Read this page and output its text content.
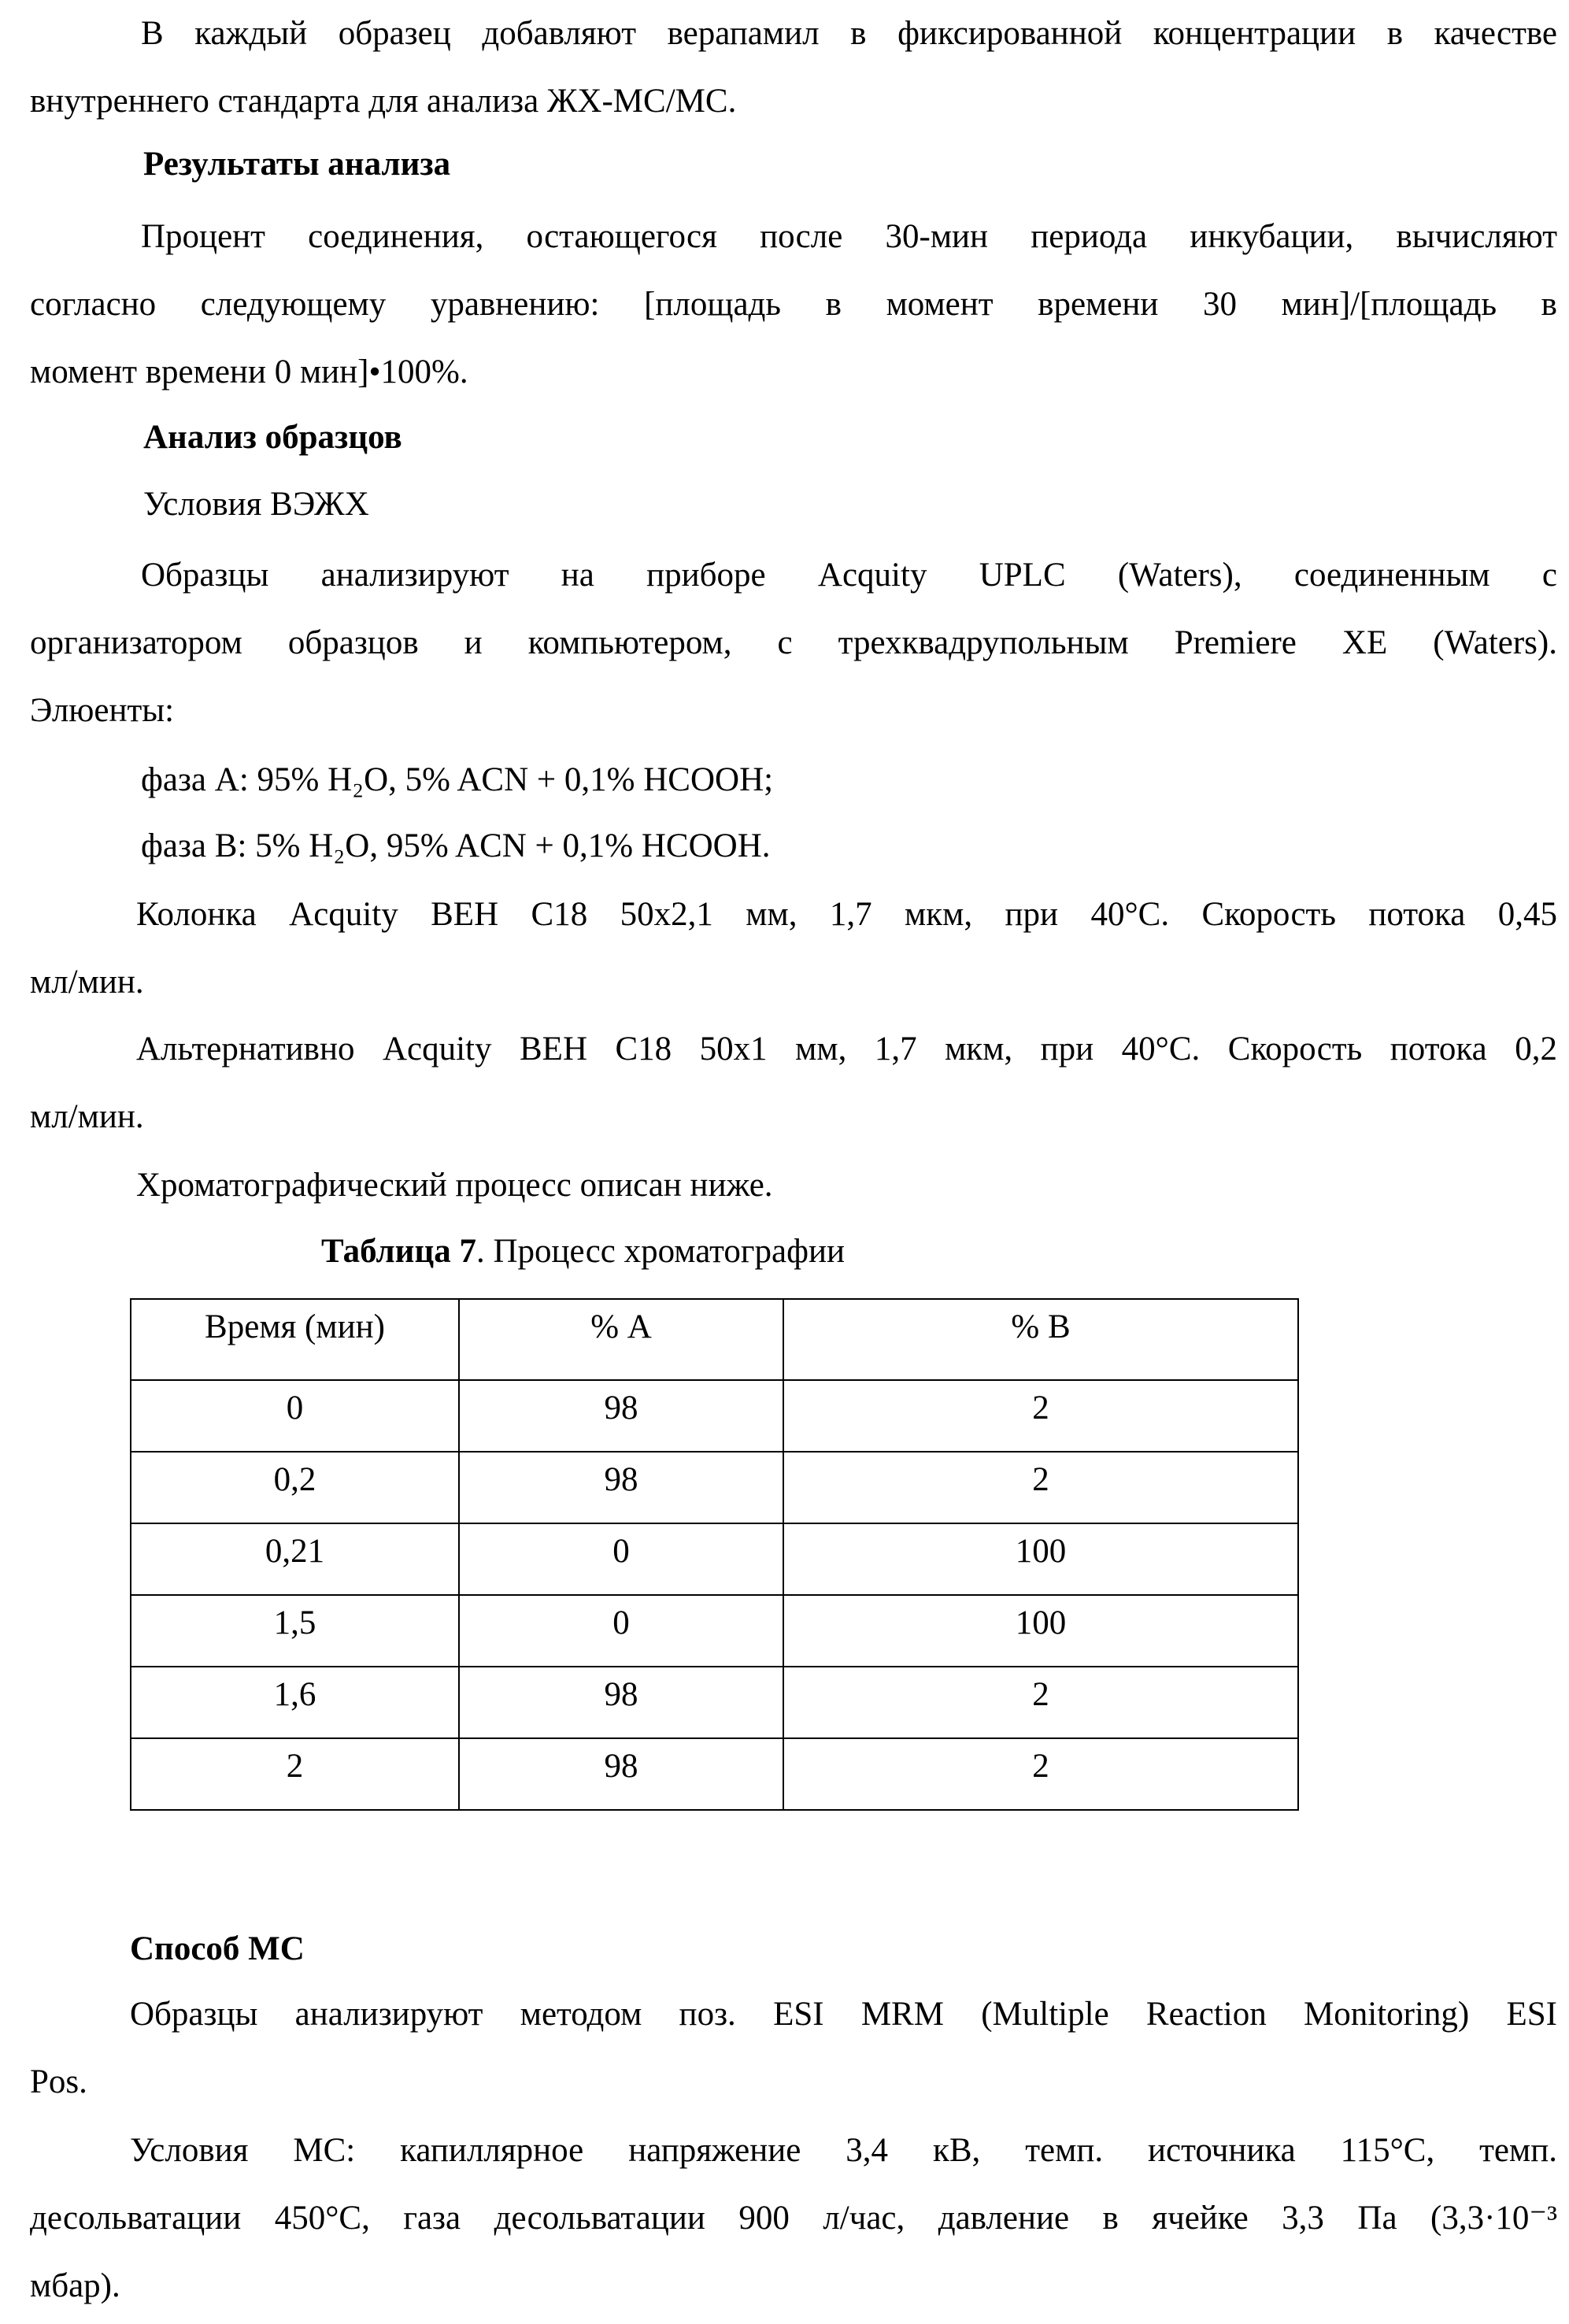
В каждый образец добавляют верапамил в фиксированной концентрации в качестве
внутреннего стандарта для анализа ЖХ-МС/МС.
Результаты анализа
Процент соединения, остающегося после 30-мин периода инкубации, вычисляют
согласно следующему уравнению: [площадь в момент времени 30 мин]/[площадь в
момент времени 0 мин]•100%.
Анализ образцов
Условия ВЭЖХ
Образцы анализируют на приборе Acquity UPLC (Waters), соединенным с
организатором образцов и компьютером, с трехквадрупольным Premiere XE (Waters).
Элюенты:
фаза А: 95% H₂O, 5% ACN + 0,1% HCOOH;
фаза В: 5% H₂O, 95% ACN + 0,1% HCOOH.
Колонка Acquity BEH C18 50x2,1 мм, 1,7 мкм, при 40°C. Скорость потока 0,45
мл/мин.
Альтернативно Acquity BEH C18 50x1 мм, 1,7 мкм, при 40°C. Скорость потока 0,2
мл/мин.
Хроматографический процесс описан ниже.
Таблица 7. Процесс хроматографии
Время (мин)	% А	% В
0	98	2
0,2	98	2
0,21	0	100
1,5	0	100
1,6	98	2
2	98	2
Способ МС
Образцы анализируют методом поз. ESI MRM (Multiple Reaction Monitoring) ESI
Pos.
Условия МС: капиллярное напряжение 3,4 кВ, темп. источника 115°C, темп.
десольватации 450°C, газа десольватации 900 л/час, давление в ячейке 3,3 Па (3,3·10⁻³
мбар).
